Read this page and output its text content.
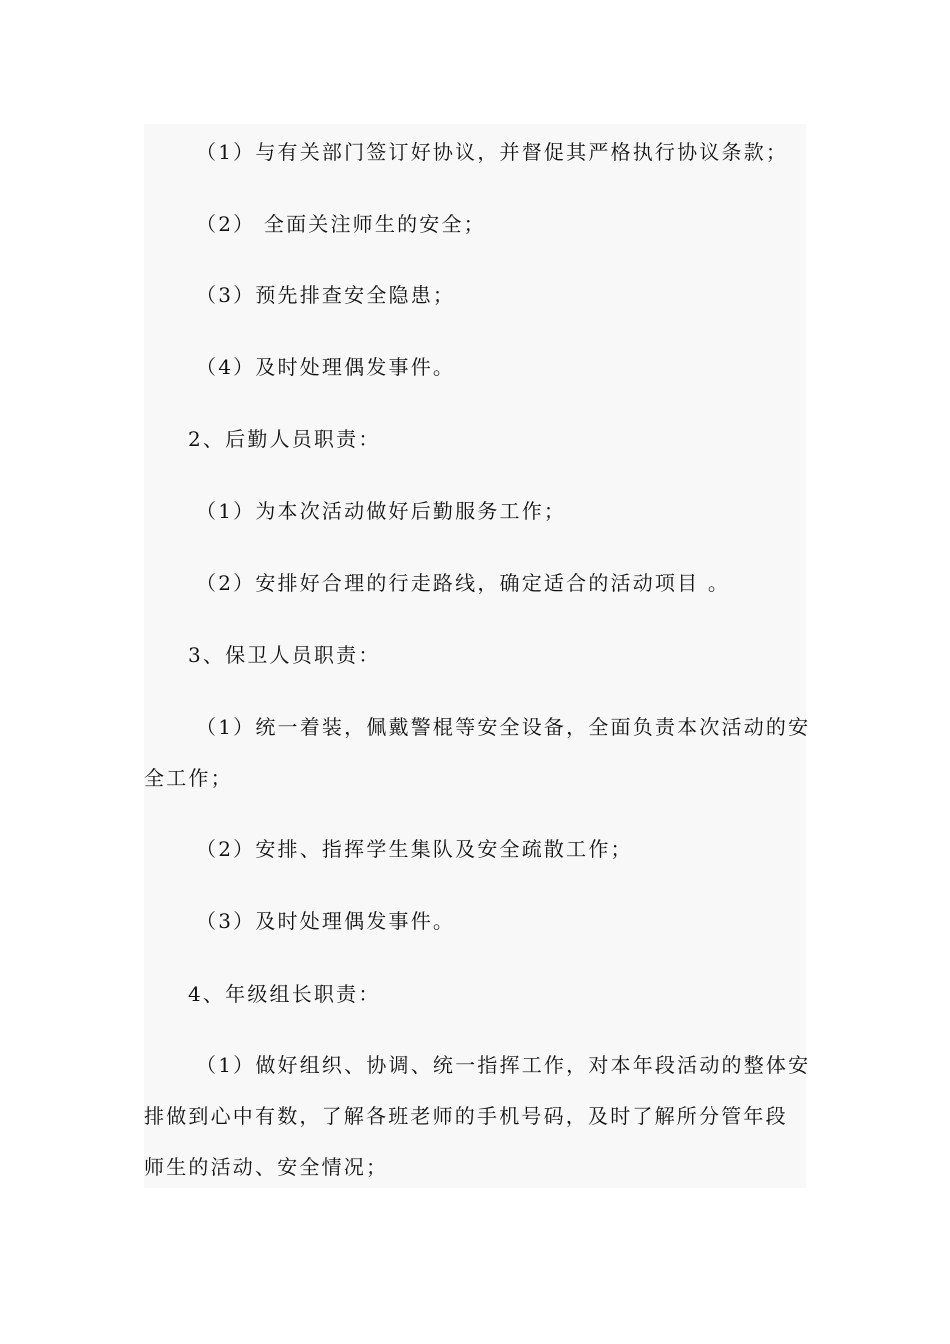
（1）与有关部门签订好协议，并督促其严格执行协议条款；
（2） 全面关注师生的安全；
（3）预先排查安全隐患；
（4）及时处理偶发事件。
2、后勤人员职责：
（1）为本次活动做好后勤服务工作；
（2）安排好合理的行走路线，确定适合的活动项目 。
3、保卫人员职责：
（1）统一着装，佩戴警棍等安全设备，全面负责本次活动的安
全工作；
（2）安排、指挥学生集队及安全疏散工作；
（3）及时处理偶发事件。
4、年级组长职责：
（1）做好组织、协调、统一指挥工作，对本年段活动的整体安
排做到心中有数，了解各班老师的手机号码，及时了解所分管年段
师生的活动、安全情况；
